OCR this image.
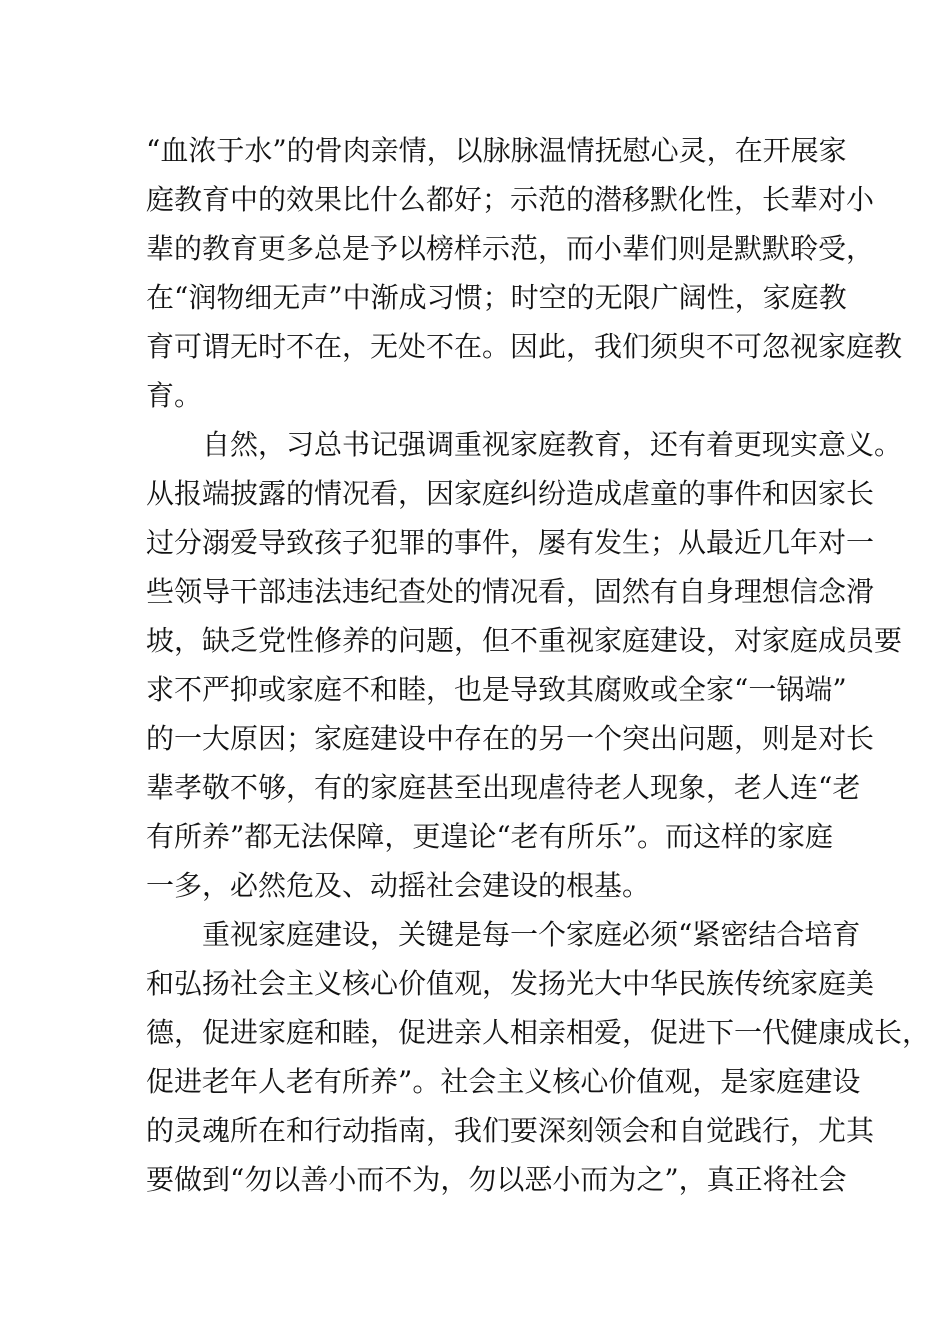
“血浓于水”的骨肉亲情，以脉脉温情抚慰心灵，在开展家
庭教育中的效果比什么都好；示范的潜移默化性，长辈对小
辈的教育更多总是予以榜样示范，而小辈们则是默默聆受，
在“润物细无声”中渐成习惯；时空的无限广阔性，家庭教
育可谓无时不在，无处不在。因此，我们须臾不可忽视家庭教
育。
自然，习总书记强调重视家庭教育，还有着更现实意义。
从报端披露的情况看，因家庭纠纷造成虐童的事件和因家长
过分溺爱导致孩子犯罪的事件，屡有发生；从最近几年对一
些领导干部违法违纪查处的情况看，固然有自身理想信念滑
坡，缺乏党性修养的问题，但不重视家庭建设，对家庭成员要
求不严抑或家庭不和睦，也是导致其腐败或全家“一锅端”
的一大原因；家庭建设中存在的另一个突出问题，则是对长
辈孝敬不够，有的家庭甚至出现虐待老人现象，老人连“老
有所养”都无法保障，更遑论“老有所乐”。而这样的家庭
一多，必然危及、动摇社会建设的根基。
重视家庭建设，关键是每一个家庭必须“紧密结合培育
和弘扬社会主义核心价值观，发扬光大中华民族传统家庭美
德，促进家庭和睦，促进亲人相亲相爱，促进下一代健康成长，
促进老年人老有所养”。社会主义核心价值观，是家庭建设
的灵魂所在和行动指南，我们要深刻领会和自觉践行，尤其
要做到“勿以善小而不为，勿以恶小而为之”，真正将社会
